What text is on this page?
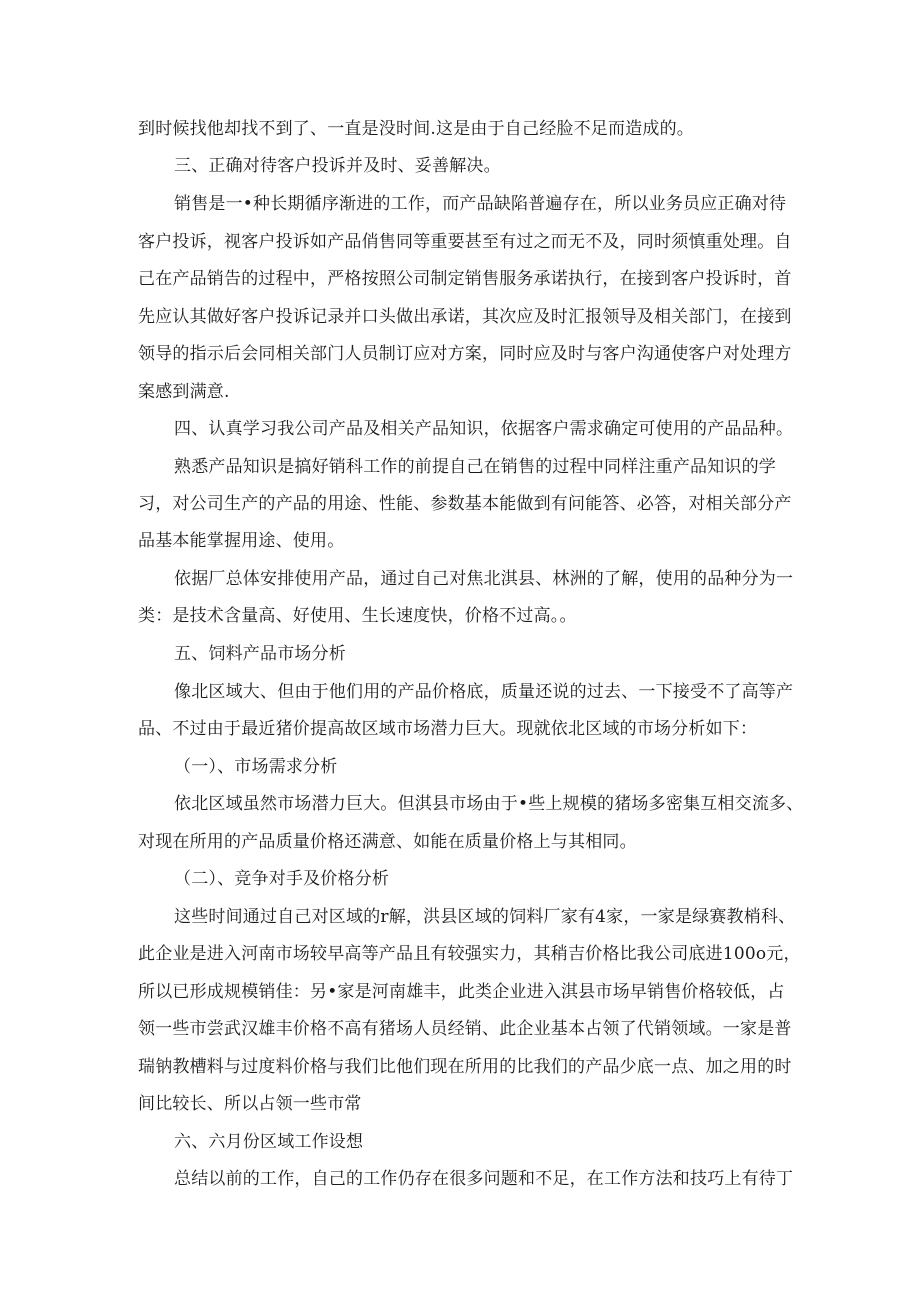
到时候找他却找不到了、一直是没时间.这是由于自己经脸不足而造成的。
三、正确对待客户投诉并及时、妥善解决。
销售是一•种长期循序渐进的工作，而产品缺陷普遍存在，所以业务员应正确对待
客户投诉，视客户投诉如产品俏售同等重要甚至有过之而无不及，同时须慎重处理。自
己在产品销告的过程中，严格按照公司制定销售服务承诺执行，在接到客户投诉时，首
先应认其做好客户投诉记录并口头做出承诺，其次应及时汇报领导及相关部门，在接到
领导的指示后会同相关部门人员制订应对方案，同时应及时与客户沟通使客户对处理方
案感到满意.
四、认真学习我公司产品及相关产品知识，依据客户需求确定可使用的产品品种。
熟悉产品知识是搞好销科工作的前提自己在销售的过程中同样注重产品知识的学
习，对公司生产的产品的用途、性能、参数基本能做到有问能答、必答，对相关部分产
品基本能掌握用途、使用。
依据厂总体安排使用产品，通过自己对焦北淇县、林洲的了解，使用的品种分为一
类：是技术含量高、好使用、生长速度快，价格不过高。。
五、饲料产品市场分析
像北区域大、但由于他们用的产品价格底，质量还说的过去、一下接受不了高等产
品、不过由于最近猪价提高故区域市场潜力巨大。现就依北区域的市场分析如下：
（一）、市场需求分析
依北区域虽然市场潜力巨大。但淇县市场由于•些上规模的猪场多密集互相交流多、
对现在所用的产品质量价格还满意、如能在质量价格上与其相同。
（二）、竞争对手及价格分析
这些时间通过自己对区域的r解，洪县区域的饲料厂家有4家，一家是绿赛教梢科、
此企业是进入河南市场较早高等产品且有较强实力，其稍吉价格比我公司底进100o元，
所以已形成规模销佳：另•家是河南雄丰，此类企业进入淇县市场早销售价格较低，占
领一些市尝武汉雄丰价格不高有猪场人员经销、此企业基本占领了代销领域。一家是普
瑞钠教槽料与过度料价格与我们比他们现在所用的比我们的产品少底一点、加之用的时
间比较长、所以占领一些市常
六、六月份区域工作设想
总结以前的工作，自己的工作仍存在很多问题和不足，在工作方法和技巧上有待丁
